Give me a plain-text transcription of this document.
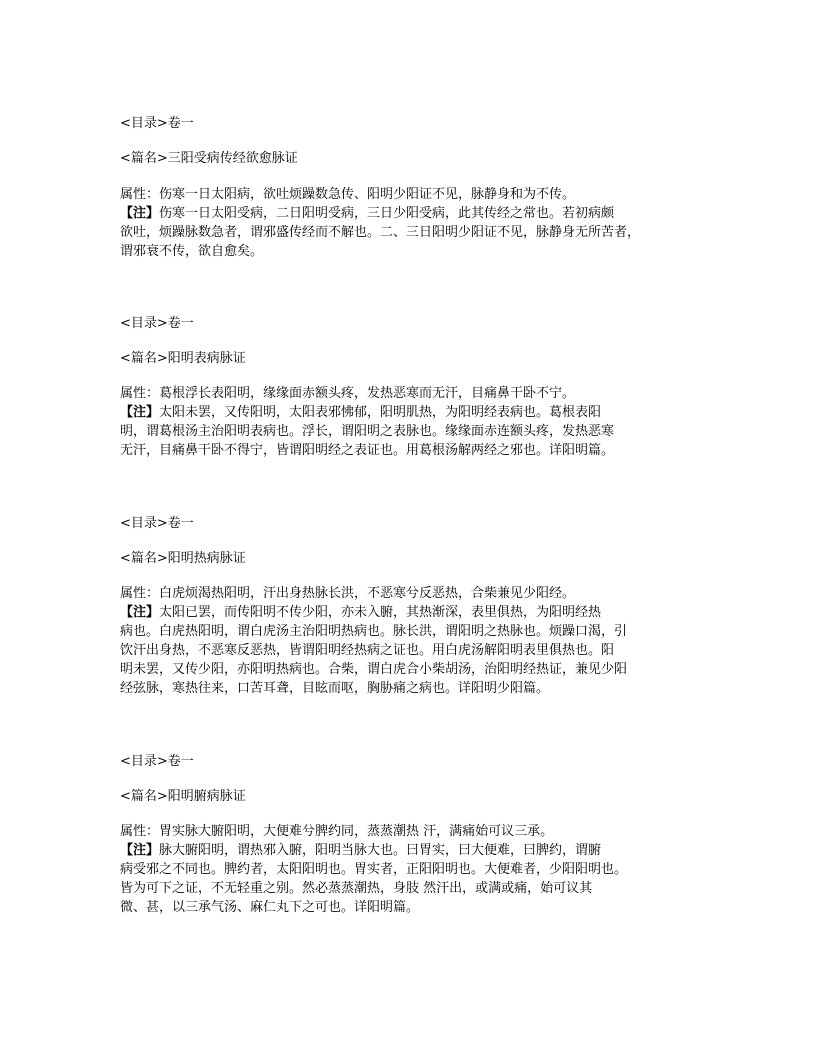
<目录>卷一
<篇名>三阳受病传经欲愈脉证
属性：伤寒一日太阳病，欲吐烦躁数急传、阳明少阳证不见，脉静身和为不传。
【注】伤寒一日太阳受病，二日阳明受病，三日少阳受病，此其传经之常也。若初病颇
欲吐，烦躁脉数急者，谓邪盛传经而不解也。二、三日阳明少阳证不见，脉静身无所苦者，
谓邪衰不传，欲自愈矣。
<目录>卷一
<篇名>阳明表病脉证
属性：葛根浮长表阳明，缘缘面赤额头疼，发热恶寒而无汗，目痛鼻干卧不宁。
【注】太阳未罢，又传阳明，太阳表邪怫郁，阳明肌热，为阳明经表病也。葛根表阳
明，谓葛根汤主治阳明表病也。浮长，谓阳明之表脉也。缘缘面赤连额头疼，发热恶寒
无汗，目痛鼻干卧不得宁，皆谓阳明经之表证也。用葛根汤解两经之邪也。详阳明篇。
<目录>卷一
<篇名>阳明热病脉证
属性：白虎烦渴热阳明，汗出身热脉长洪，不恶寒兮反恶热，合柴兼见少阳经。
【注】太阳已罢，而传阳明不传少阳，亦未入腑，其热渐深，表里俱热，为阳明经热
病也。白虎热阳明，谓白虎汤主治阳明热病也。脉长洪，谓阳明之热脉也。烦躁口渴，引
饮汗出身热，不恶寒反恶热，皆谓阳明经热病之证也。用白虎汤解阳明表里俱热也。阳
明未罢，又传少阳，亦阳明热病也。合柴，谓白虎合小柴胡汤，治阳明经热证，兼见少阳
经弦脉，寒热往来，口苦耳聋，目眩而呕，胸胁痛之病也。详阳明少阳篇。
<目录>卷一
<篇名>阳明腑病脉证
属性：胃实脉大腑阳明，大便难兮脾约同，蒸蒸潮热 汗，满痛始可议三承。
【注】脉大腑阳明，谓热邪入腑，阳明当脉大也。曰胃实，曰大便难，曰脾约，谓腑
病受邪之不同也。脾约者，太阳阳明也。胃实者，正阳阳明也。大便难者，少阳阳明也。
皆为可下之证，不无轻重之别。然必蒸蒸潮热，身肢 然汗出，或满或痛，始可议其
微、甚，以三承气汤、麻仁丸下之可也。详阳明篇。
